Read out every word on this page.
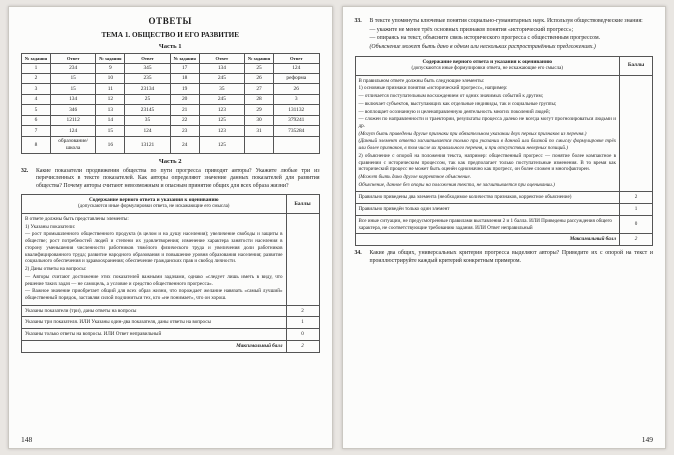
ОТВЕТЫ
ТЕМА 1. ОБЩЕСТВО И ЕГО РАЗВИТИЕ
Часть 1
№ задания	Ответ	№ задания	Ответ	№ задания	Ответ	№ задания	Ответ
1	234	9	345	17	134	25	124
2	15	10	235	18	245	26	реформа
3	15	11	23134	19	35	27	26
4	134	12	25	20	245	28	3
5	346	13	23145	21	123	29	131132
6	12112	14	35	22	125	30	379241
7	124	15	124	23	123	31	735284
8	образование/ школа	16	13121	24	125		
Часть 2
32.	Какие показатели продвижения общества по пути прогресса приводят авторы? Укажите любые три из перечисленных в тексте показателей. Как авторы определяют значение данных показателей для развития общества? Почему авторы считают невозможным и опасным принятие общих для всех образа жизни?
Содержание верного ответа и указания к оцениванию
(допускаются иные формулировки ответа, не искажающие его смысла)	Баллы

В ответе должны быть представлены элементы:
1) Указаны показатели:
— рост промышленного общественного продукта (в целом и на душу населения); увеличение свободы и защиты в обществе; рост потребностей людей и степени их удовлетворения; изменение характера занятости населения в сторону уменьшения численности работников тяжёлого физического труда и увеличения доли работников квалифицированного труда; развитие народного образования и повышение уровня образования населения; развитие социального обеспечения и здравоохранения; обеспечение гражданских прав и свобод личности.
2) Даны ответы на вопросы:
— Авторы считают достижение этих показателей важными задачами, однако «следует лишь иметь в виду, что решение таких задач — не самоцель, а условие и средство общественного прогресса».
— Важное значение приобретает общий для всех образ жизни, что порождает желание навязать «самый лучший» общественный порядок, заставляя силой подчиниться тех, кто «не понимает», что он хорош.

Указаны показатели (три), даны ответы на вопросы	2
Указаны три показателя. ИЛИ Указаны один-два показателя, даны ответы на вопросы	1
Указаны только ответы на вопросы. ИЛИ Ответ неправильный	0
Максимальный балл	2
148
33.	В тексте упомянуты ключевые понятия социально-гуманитарных наук. Используя обществоведческие знания:
— укажите не менее трёх основных признаков понятия «исторический прогресс»;
— опираясь на текст, объясните связь исторического прогресса с общественным прогрессом.
(Объяснение может быть дано в одном или нескольких распространённых предложениях.)
Содержание верного ответа и указания к оцениванию
(допускаются иные формулировки ответа, не искажающие его смысла)	Баллы

В правильном ответе должны быть следующие элементы:
1) основные признаки понятия «исторический прогресс», например:
— отличается поступательным восхождением от одних значимых событий к другим;
— включает субъектов, выступающих как отдельные индивиды, так и социальные группы;
— воплощает осознанную и целенаправленную деятельность многих поколений людей;
— сложен по направленности и траектории, результаты процесса далеко не всегда могут прогнозироваться людьми и др.
(Могут быть приведены другие признаки при обязательном указании двух первых признаков из перечня.)
(Данный элемент ответа засчитывается только при указании в данной или близкой по смыслу формулировке трёх или более признаков, в том числе их правильного перечня, и при отсутствии неверных позиций.)
2) объяснение с опорой на положения текста, например: общественный прогресс — понятие более компактное в сравнении с историческим процессом, так как предполагает только поступательные изменения. В то время как исторический процесс не может быть оценён однозначно как прогресс, он более сложен и многофакторен.
(Может быть дано другое корректное объяснение.
Объяснение, данное без опоры на положения текста, не засчитывается при оценивании.)

Правильно приведены два элемента (необходимое количество признаков, корректное объяснение)	2
Правильно приведён только один элемент	1
Все иные ситуации, не предусмотренные правилами выставления 2 и 1 балла. ИЛИ Приведены рассуждения общего характера, не соответствующие требованию задания. ИЛИ Ответ неправильный	0
Максимальный балл	2
34.	Какие два общих, универсальных критерия прогресса выделяют авторы? Приведите их с опорой на текст и проиллюстрируйте каждый критерий конкретным примером.
149
